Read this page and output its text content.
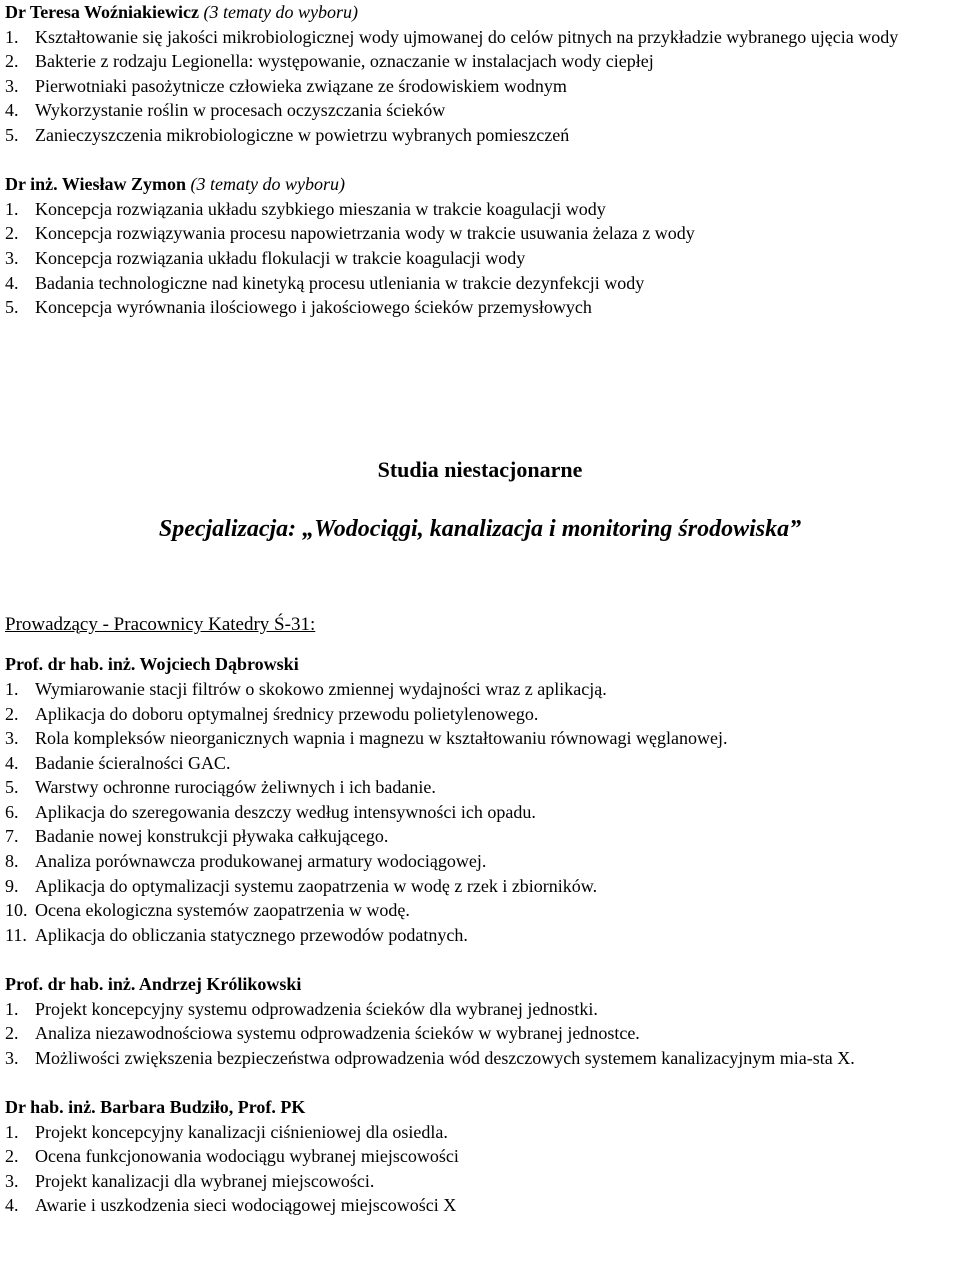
Dr Teresa Woźniakiewicz (3 tematy do wyboru)
1. Kształtowanie się jakości mikrobiologicznej wody ujmowanej do celów pitnych na przykładzie wybranego ujęcia wody
2. Bakterie z rodzaju Legionella: występowanie, oznaczanie w instalacjach wody ciepłej
3. Pierwotniaki pasożytnicze człowieka związane ze środowiskiem wodnym
4. Wykorzystanie roślin w procesach oczyszczania ścieków
5. Zanieczyszczenia mikrobiologiczne w powietrzu wybranych pomieszczeń
Dr inż. Wiesław Zymon (3 tematy do wyboru)
1. Koncepcja rozwiązania układu szybkiego mieszania w trakcie koagulacji wody
2. Koncepcja rozwiązywania procesu napowietrzania wody w trakcie usuwania żelaza z wody
3. Koncepcja rozwiązania układu flokulacji w trakcie koagulacji wody
4. Badania technologiczne nad kinetyką procesu utleniania w trakcie dezynfekcji wody
5. Koncepcja wyrównania ilościowego i jakościowego ścieków przemysłowych
Studia niestacjonarne
Specjalizacja: „Wodociągi, kanalizacja i monitoring środowiska”
Prowadzący - Pracownicy Katedry Ś-31:
Prof. dr hab. inż. Wojciech Dąbrowski
1. Wymiarowanie stacji filtrów o skokowo zmiennej wydajności wraz z aplikacją.
2. Aplikacja do doboru optymalnej średnicy przewodu polietylenowego.
3. Rola kompleksów nieorganicznych wapnia i magnezu w kształtowaniu równowagi węglanowej.
4. Badanie ścieralności GAC.
5. Warstwy ochronne rurociągów żeliwnych i ich badanie.
6. Aplikacja do szeregowania deszczy według intensywności ich opadu.
7. Badanie nowej konstrukcji pływaka całkującego.
8. Analiza porównawcza produkowanej armatury wodociągowej.
9. Aplikacja do optymalizacji systemu zaopatrzenia w wodę z rzek i zbiorników.
10. Ocena ekologiczna systemów zaopatrzenia w wodę.
11. Aplikacja do obliczania statycznego przewodów podatnych.
Prof. dr hab. inż. Andrzej Królikowski
1. Projekt koncepcyjny systemu odprowadzenia ścieków dla wybranej jednostki.
2. Analiza niezawodnościowa systemu odprowadzenia ścieków w wybranej jednostce.
3. Możliwości zwiększenia bezpieczeństwa odprowadzenia wód deszczowych systemem kanalizacyjnym mia-sta X.
Dr hab. inż. Barbara Budziło, Prof. PK
1. Projekt koncepcyjny kanalizacji ciśnieniowej dla osiedla.
2. Ocena funkcjonowania wodociągu wybranej miejscowości
3. Projekt kanalizacji dla wybranej miejscowości.
4. Awarie i uszkodzenia sieci wodociągowej miejscowości X
